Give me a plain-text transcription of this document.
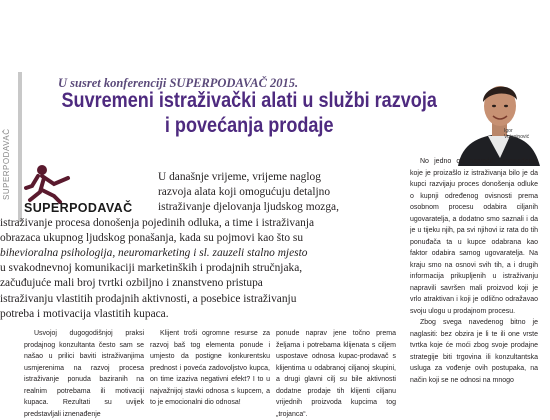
SUPERPODAVAČ
U susret konferenciji SUPERPODAVAČ 2015.
Suvremeni istraživački alati u službi razvoja i povećanja prodaje	Igor
Vujasinović
SUPERPODAVAČ

U današnje vrijeme, vrijeme naglog

razvoja alata koji omogućuju detaljno

istraživanje djelovanja ljudskog mozga,

istraživanje procesa donošenja pojedinih odluka, a time i istraživanja

obrazaca ukupnog ljudskog ponašanja, kada su pojmovi kao što su

bihevioralna psihologija, neuromarketing i sl. zauzeli stalno mjesto

u svakodnevnoj komunikaciji marketinških i prodajnih stručnjaka,

začuđujuće mali broj tvrtki ozbiljno i znanstveno pristupa

istraživanju vlastitih prodajnih aktivnosti, a posebice istraživanju

potreba i motivacija vlastitih kupaca.

Usvojoj dugogodišnjoj praksi prodajnog konzultanta često sam se našao u prilici baviti istraživanjima usmjerenima na razvoj procesa istraživanje ponuda baziranih na realnim potrebama ili motivaciji kupaca. Rezultati su uvijek predstavljali iznenađenje

Klijent troši ogromne resurse za razvoj baš tog elementa ponude i umjesto da postigne konkurentsku prednost i poveća zadovoljstvo kupca, on time izaziva negativni efekt? I to u najvažnijoj stavki odnosa s kupcem, a to je emocionalni dio odnosa!

ponude naprav jene točno prema željama i potrebama klijenata s ciljem uspostave odnosa kupac-prodavač s klijentima u odabranoj ciljanoj skupini, a drugi glavni cilj su bile aktivnosti dodatne prodaje tih klijenti ciljanu vrijednih proizvoda kupcima tog „trojanca“.

No jedno od najvećih iznenađenja koje je proizašlo iz istraživanja bilo je da kupci razvijaju proces donošenja odluke o kupnji određenog ovisnosti prema osobnom procesu odabira ciljanih ugovaratelja, a dodatno smo saznali i da je u tijeku njih, pa svi njihovi iz rata do tih ponuđača ta u kupce odabrana kao faktor odabira samog ugovaratelja. Na kraju smo na osnovi svih tih, a i drugih informacija prikupljenih u istraživanju napravili savršen mali proizvod koji je vrlo atraktivan i koji je odlično odražavao svoju ulogu u prodajnom procesu.

Zbog svega navedenog bitno je naglasiti: bez obzira je li te ili one vrste tvrtka koje će moći zbog svoje prodajne strategije biti trgovina ili konzultantska usluga za vođenje ovih postupaka, na način koji se ne odnosi na mnogo
